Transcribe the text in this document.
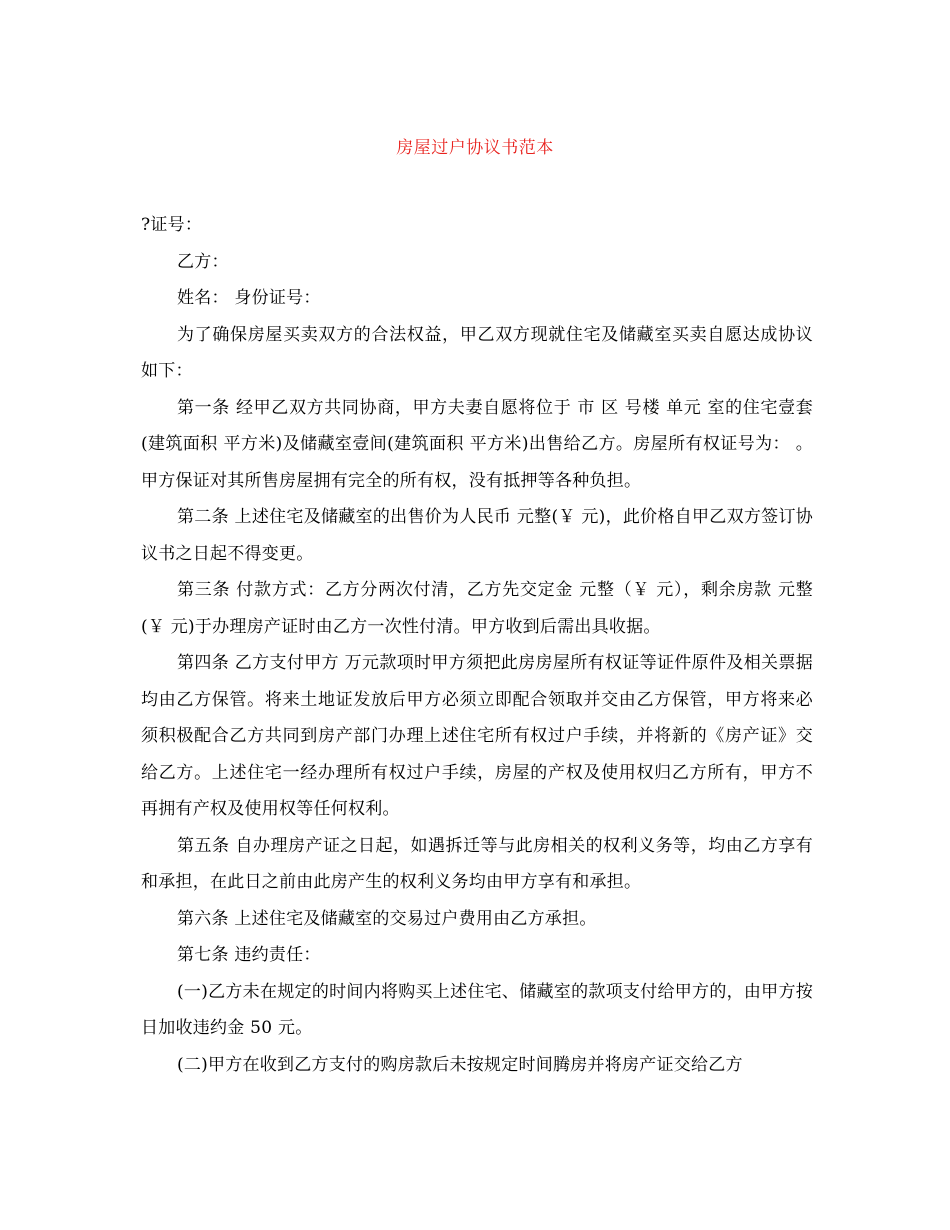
房屋过户协议书范本

?证号：

乙方：

姓名： 身份证号：

为了确保房屋买卖双方的合法权益，甲乙双方现就住宅及储藏室买卖自愿达成协议如下：

第一条 经甲乙双方共同协商，甲方夫妻自愿将位于 市 区 号楼 单元 室的住宅壹套(建筑面积 平方米)及储藏室壹间(建筑面积 平方米)出售给乙方。房屋所有权证号为： 。甲方保证对其所售房屋拥有完全的所有权，没有抵押等各种负担。

第二条 上述住宅及储藏室的出售价为人民币 元整(￥ 元)，此价格自甲乙双方签订协议书之日起不得变更。

第三条 付款方式：乙方分两次付清，乙方先交定金 元整（￥ 元），剩余房款 元整(￥ 元)于办理房产证时由乙方一次性付清。甲方收到后需出具收据。

第四条 乙方支付甲方 万元款项时甲方须把此房房屋所有权证等证件原件及相关票据均由乙方保管。将来土地证发放后甲方必须立即配合领取并交由乙方保管，甲方将来必须积极配合乙方共同到房产部门办理上述住宅所有权过户手续，并将新的《房产证》交给乙方。上述住宅一经办理所有权过户手续，房屋的产权及使用权归乙方所有，甲方不再拥有产权及使用权等任何权利。

第五条 自办理房产证之日起，如遇拆迁等与此房相关的权利义务等，均由乙方享有和承担，在此日之前由此房产生的权利义务均由甲方享有和承担。

第六条 上述住宅及储藏室的交易过户费用由乙方承担。

第七条 违约责任：

(一)乙方未在规定的时间内将购买上述住宅、储藏室的款项支付给甲方的，由甲方按日加收违约金 50 元。

(二)甲方在收到乙方支付的购房款后未按规定时间腾房并将房产证交给乙方
